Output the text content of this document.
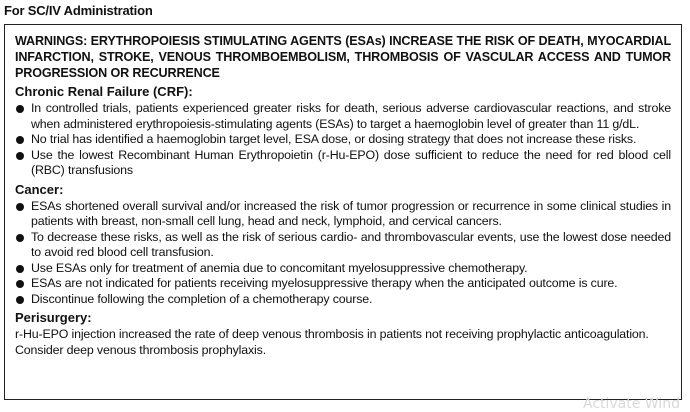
For SC/IV Administration
WARNINGS: ERYTHROPOIESIS STIMULATING AGENTS (ESAs) INCREASE THE RISK OF DEATH, MYOCARDIAL INFARCTION, STROKE, VENOUS THROMBOEMBOLISM, THROMBOSIS OF VASCULAR ACCESS AND TUMOR PROGRESSION OR RECURRENCE
Chronic Renal Failure (CRF):
In controlled trials, patients experienced greater risks for death, serious adverse cardiovascular reactions, and stroke when administered erythropoiesis-stimulating agents (ESAs) to target a haemoglobin level of greater than 11 g/dL.
No trial has identified a haemoglobin target level, ESA dose, or dosing strategy that does not increase these risks.
Use the lowest Recombinant Human Erythropoietin (r-Hu-EPO) dose sufficient to reduce the need for red blood cell (RBC) transfusions
Cancer:
ESAs shortened overall survival and/or increased the risk of tumor progression or recurrence in some clinical studies in patients with breast, non-small cell lung, head and neck, lymphoid, and cervical cancers.
To decrease these risks, as well as the risk of serious cardio- and thrombovascular events, use the lowest dose needed to avoid red blood cell transfusion.
Use ESAs only for treatment of anemia due to concomitant myelosuppressive chemotherapy.
ESAs are not indicated for patients receiving myelosuppressive therapy when the anticipated outcome is cure.
Discontinue following the completion of a chemotherapy course.
Perisurgery:

r-Hu-EPO injection increased the rate of deep venous thrombosis in patients not receiving prophylactic anticoagulation. Consider deep venous thrombosis prophylaxis.

Activate Wind
